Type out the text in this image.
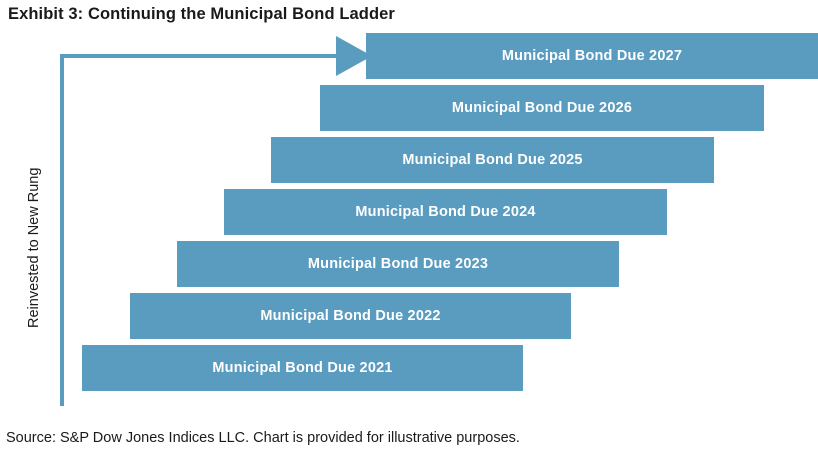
Exhibit 3: Continuing the Municipal Bond Ladder
Reinvested to New Rung
Municipal Bond Due 2027
Municipal Bond Due 2026
Municipal Bond Due 2025
Municipal Bond Due 2024
Municipal Bond Due 2023
Municipal Bond Due 2022
Municipal Bond Due 2021
Source: S&P Dow Jones Indices LLC. Chart is provided for illustrative purposes.
